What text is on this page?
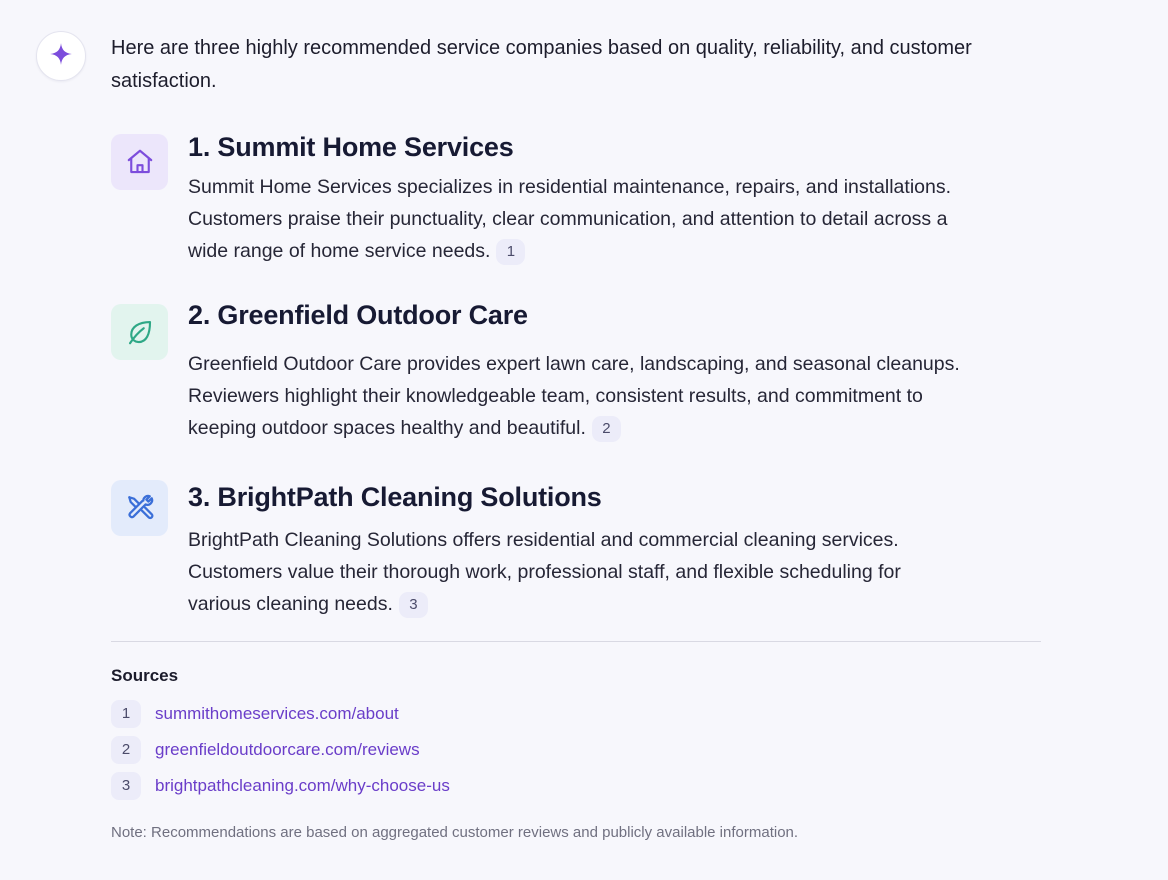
Here are three highly recommended service companies based on quality, reliability, and customer satisfaction.

1. Summit Home Services

Summit Home Services specializes in residential maintenance, repairs, and installations. Customers praise their punctuality, clear communication, and attention to detail across a wide range of home service needs. 1

2. Greenfield Outdoor Care

Greenfield Outdoor Care provides expert lawn care, landscaping, and seasonal cleanups. Reviewers highlight their knowledgeable team, consistent results, and commitment to keeping outdoor spaces healthy and beautiful. 2

3. BrightPath Cleaning Solutions

BrightPath Cleaning Solutions offers residential and commercial cleaning services. Customers value their thorough work, professional staff, and flexible scheduling for various cleaning needs. 3

Sources
1	summithomeservices.com/about
2	greenfieldoutdoorcare.com/reviews
3	brightpathcleaning.com/why-choose-us

Note: Recommendations are based on aggregated customer reviews and publicly available information.
